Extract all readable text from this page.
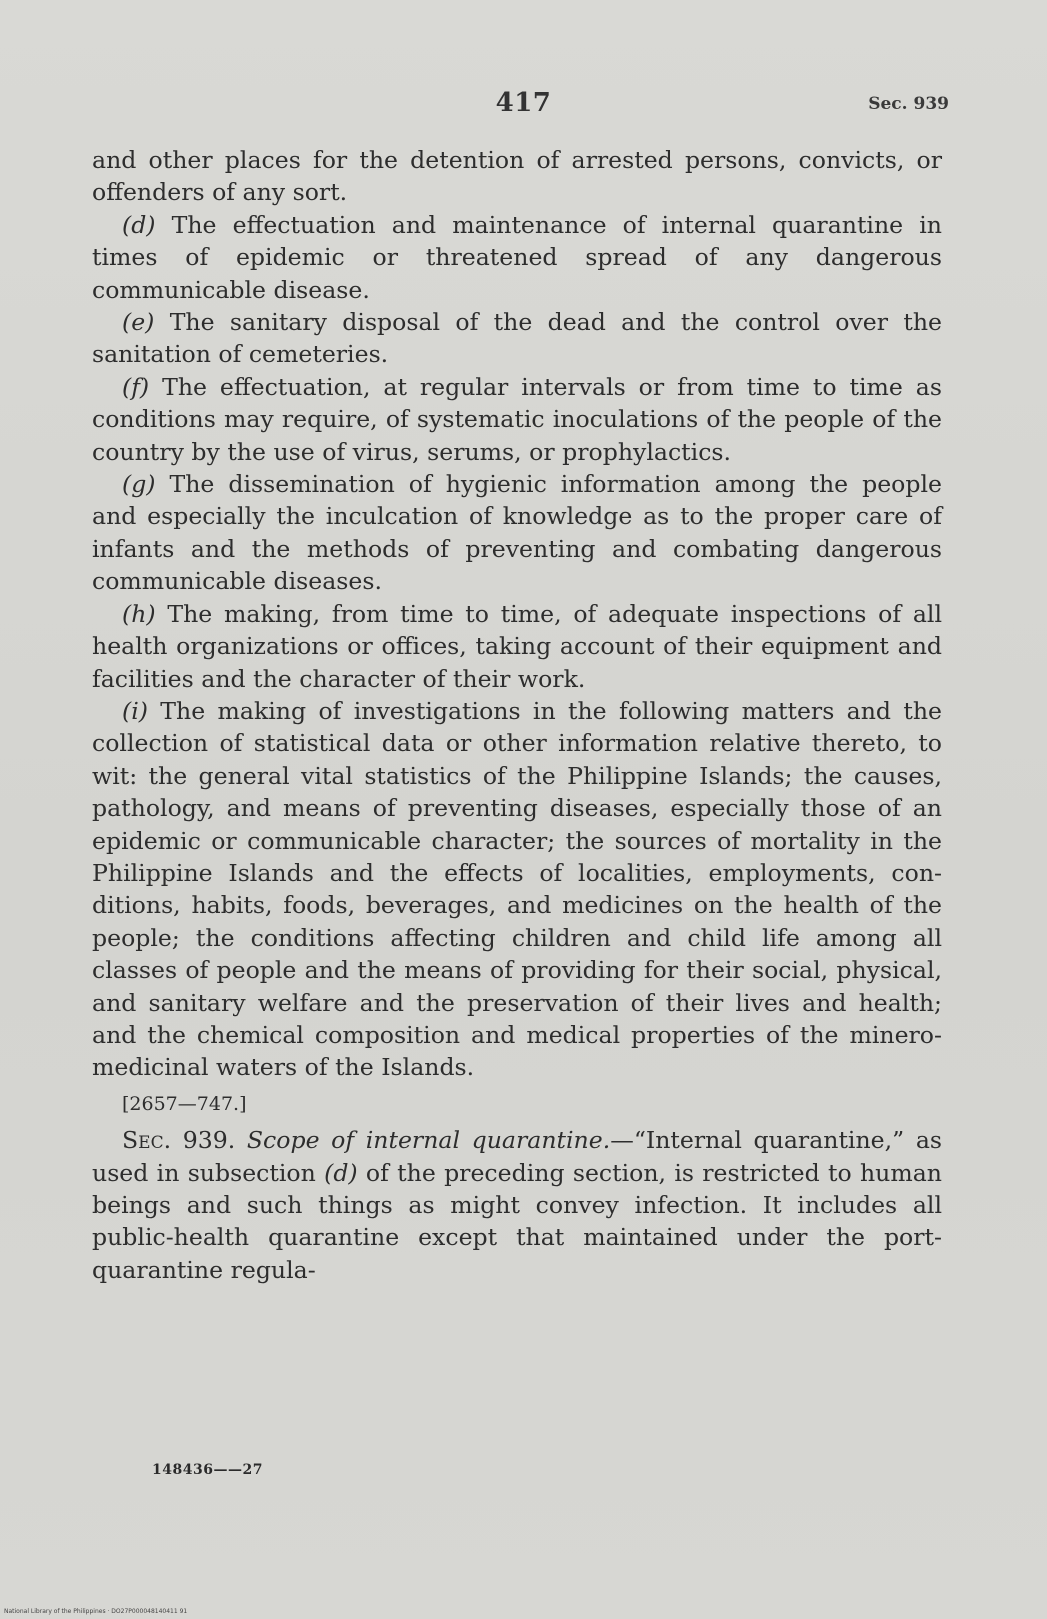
417	Sec. 939

and other places for the detention of arrested persons, convicts, or offenders of any sort.

(d) The effectuation and maintenance of internal quarantine in times of epidemic or threatened spread of any dangerous communicable disease.

(e) The sanitary disposal of the dead and the control over the sanitation of cemeteries.

(f) The effectuation, at regular intervals or from time to time as conditions may require, of systematic inoculations of the people of the country by the use of virus, serums, or prophylactics.

(g) The dissemination of hygienic information among the people and especially the inculcation of knowledge as to the proper care of infants and the methods of preventing and combating dangerous communicable diseases.

(h) The making, from time to time, of adequate inspections of all health organizations or offices, taking account of their equipment and facilities and the character of their work.

(i) The making of investigations in the following matters and the collection of statistical data or other information relative thereto, to wit: the general vital statistics of the Philippine Islands; the causes, pathology, and means of preventing diseases, especially those of an epidemic or communicable character; the sources of mortality in the Philippine Islands and the effects of localities, employments, conditions, habits, foods, beverages, and medicines on the health of the people; the conditions affecting children and child life among all classes of people and the means of providing for their social, physical, and sanitary welfare and the preservation of their lives and health; and the chemical composition and medical properties of the minero-medicinal waters of the Islands.

[2657—747.]

Sec. 939. Scope of internal quarantine.—“Internal quarantine,” as used in subsection (d) of the preceding section, is restricted to human beings and such things as might convey infection. It includes all public-health quarantine except that maintained under the port-quarantine regula-

148436——27
National Library of the Philippines · DO27P000048140411 91
